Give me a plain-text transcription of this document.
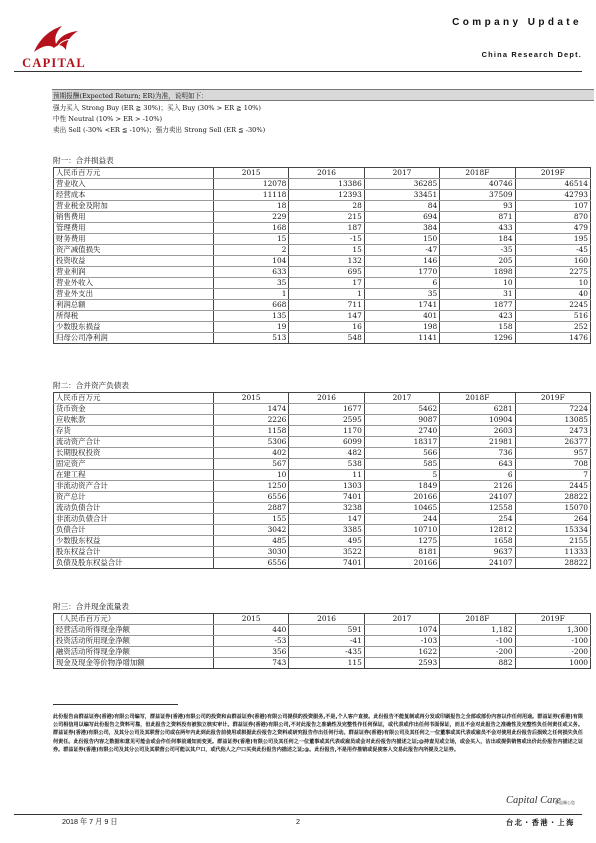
CAPITAL
Company Update
China Research Dept.
预期报酬(Expected Return; ER)为准，说明如下：
强力买入 Strong Buy (ER ≧ 30%)；买入 Buy (30% > ER ≧ 10%)
中性 Neutral (10% > ER > -10%)
卖出 Sell (-30% <ER ≦ -10%)；强力卖出 Strong Sell (ER ≦ -30%)
附一：合并损益表
人民币百万元	2015	2016	2017	2018F	2019F
营业收入	12078	13386	36285	40746	46514
经营成本	11118	12393	33451	37509	42793
营业税金及附加	18	28	84	93	107
销售费用	229	215	694	871	870
管理费用	168	187	384	433	479
财务费用	15	-15	150	184	195
资产减值损失	2	15	-47	-35	-45
投资收益	104	132	146	205	160
营业利润	633	695	1770	1898	2275
营业外收入	35	17	6	10	10
营业外支出	1	1	35	31	40
利润总额	668	711	1741	1877	2245
所得税	135	147	401	423	516
少数股东损益	19	16	198	158	252
归母公司净利润	513	548	1141	1296	1476
附二：合并资产负债表
人民币百万元	2015	2016	2017	2018F	2019F
货币资金	1474	1677	5462	6281	7224
应收帐款	2226	2595	9087	10904	13085
存货	1158	1170	2740	2603	2473
流动资产合计	5306	6099	18317	21981	26377
长期股权投资	402	482	566	736	957
固定资产	567	538	585	643	708
在建工程	10	11	5	6	7
非流动资产合计	1250	1303	1849	2126	2445
资产总计	6556	7401	20166	24107	28822
流动负债合计	2887	3238	10465	12558	15070
非流动负债合计	155	147	244	254	264
负债合计	3042	3385	10710	12812	15334
少数股东权益	485	495	1275	1658	2155
股东权益合计	3030	3522	8181	9637	11333
负债及股东权益合计	6556	7401	20166	24107	28822
附三：合并现金流量表
（人民币百万元）	2015	2016	2017	2018F	2019F
经营活动所得现金净额	440	591	1074	1,182	1,300
投资活动所用现金净额	-53	-41	-103	-100	-100
融资活动所得现金净额	356	-435	1622	-200	-200
现金及现金等价物净增加额	743	115	2593	882	1000
此份报告由群益证券(香港)有限公司编写，群益证券(香港)有限公司的投资和由群益证券(香港)有限公司提供的投资服务,不是,个人客户直接。此份报告不能复制或再分发或印刷报告之全部或部份内容以作任何用途。群益证券(香港)有限公司相信用以编写此份报告之资料可靠，但此报告之资料没有被独立核实审计。群益证券(香港)有限公司,不对此报告之准确性及完整性作任何保证，或代表或作出任何书面保证，而且不会对此报告之准确性及完整性负任何责任或义务。群益证券(香港)有限公司，及其分公司及其联营公司或在两年内此到此报告前使用或根据此份报告之资料或研究报告作出任何行动。群益证券(香港)有限公司及其任何之一位董事或其代表或雇员不会对使用此份报告后损致之任何损失负任何责任。此份报告内容之数据和意见可能会或会作任何事前通知而变更。群益证券(香港)有限公司及其任何之一位董事或其代表或雇员或会对此份报告内描述之证;@持查见或立场，或会买入，沽出或提供销售或出价此份报告内描述之证券。群益证券(香港)有限公司及其分公司及其联营公司可能以其户口，或代他人之户口买卖此份报告内描述之证;@。此份报告,不是用作推销或促使客人交易此报告内所提及之证券。
Capital Care
群益關心您
2018 年 7 月 9 日	2	台北・香港・上海
